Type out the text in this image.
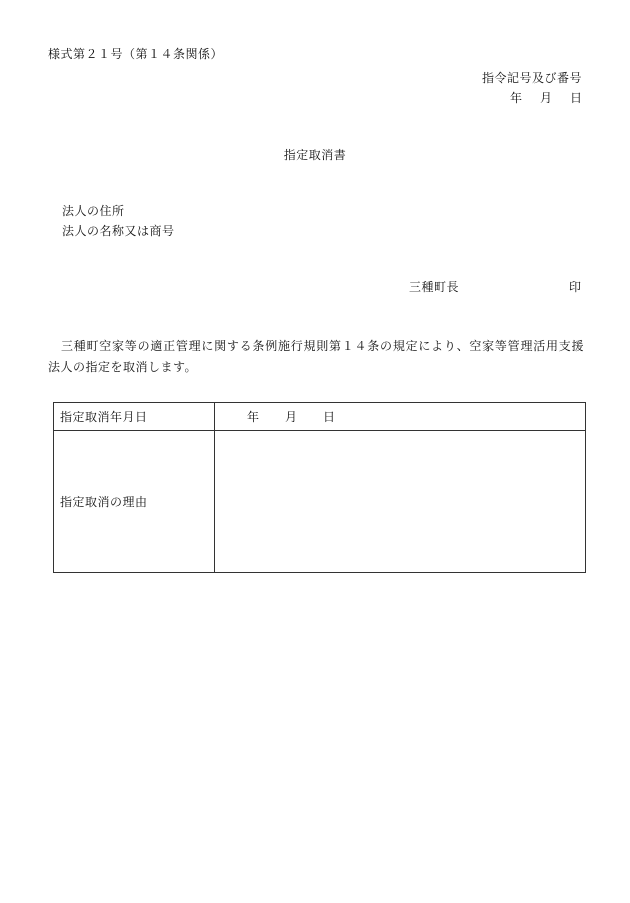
様式第２１号（第１４条関係）
指令記号及び番号
年 月 日
指定取消書
法人の住所
法人の名称又は商号
三種町長	印
三種町空家等の適正管理に関する条例施行規則第１４条の規定により、空家等管理活用支援法人の指定を取消します。
指定取消年月日	年 月 日
指定取消の理由	
